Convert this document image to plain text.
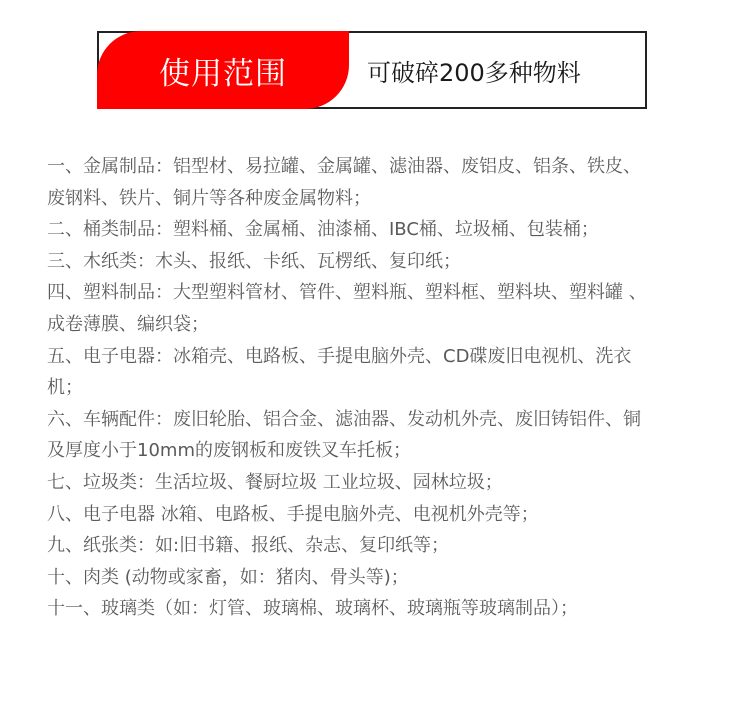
使用范围	可破碎200多种物料
一、金属制品：铝型材、易拉罐、金属罐、滤油器、废铝皮、铝条、铁皮、
废钢料、铁片、铜片等各种废金属物料；
二、桶类制品：塑料桶、金属桶、油漆桶、IBC桶、垃圾桶、包装桶；
三、木纸类：木头、报纸、卡纸、瓦楞纸、复印纸；
四、塑料制品：大型塑料管材、管件、塑料瓶、塑料框、塑料块、塑料罐 、
成卷薄膜、编织袋；
五、电子电器：冰箱壳、电路板、手提电脑外壳、CD碟废旧电视机、洗衣
机；
六、车辆配件：废旧轮胎、铝合金、滤油器、发动机外壳、废旧铸铝件、铜
及厚度小于10mm的废钢板和废铁叉车托板；
七、垃圾类：生活垃圾、餐厨垃圾 工业垃圾、园林垃圾；
八、电子电器 冰箱、电路板、手提电脑外壳、电视机外壳等；
九、纸张类：如:旧书籍、报纸、杂志、复印纸等；
十、肉类 (动物或家畜，如：猪肉、骨头等)；
十一、玻璃类（如：灯管、玻璃棉、玻璃杯、玻璃瓶等玻璃制品）；
